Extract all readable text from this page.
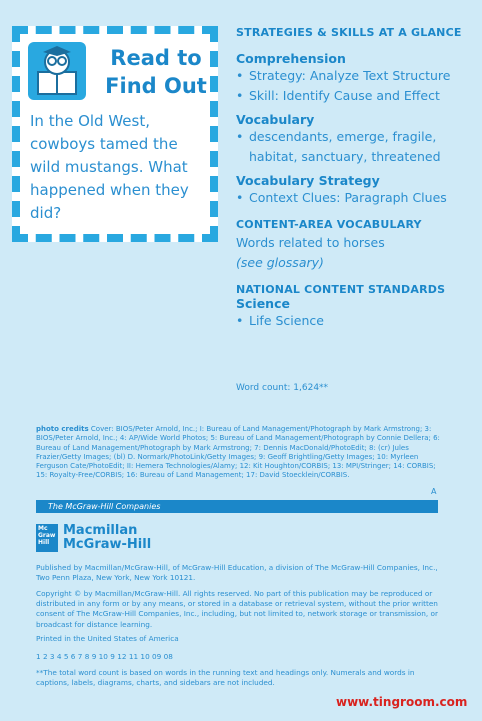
Read to
Find Out
In the Old West, cowboys tamed the wild mustangs. What happened when they did?

STRATEGIES & SKILLS AT A GLANCE

Comprehension

• Strategy: Analyze Text Structure
• Skill: Identify Cause and Effect

Vocabulary

• descendants, emerge, fragile,
habitat, sanctuary, threatened

Vocabulary Strategy

• Context Clues: Paragraph Clues

CONTENT-AREA VOCABULARY

Words related to horses
(see glossary)

NATIONAL CONTENT STANDARDS

Science

• Life Science
Word count: 1,624**
photo credits Cover: BIOS/Peter Arnold, Inc.; I: Bureau of Land Management/Photograph by Mark Armstrong; 3: BIOS/Peter Arnold, Inc.; 4: AP/Wide World Photos; 5: Bureau of Land Management/Photograph by Connie Dellera; 6: Bureau of Land Management/Photograph by Mark Armstrong; 7: Dennis MacDonald/PhotoEdit; 8: (cr) Jules Frazier/Getty Images; (bl) D. Normark/PhotoLink/Getty Images; 9: Geoff Brightling/Getty Images; 10: Myrleen Ferguson Cate/PhotoEdit; II: Hemera Technologies/Alamy; 12: Kit Houghton/CORBIS; 13: MPI/Stringer; 14: CORBIS; 15: Royalty-Free/CORBIS; 16: Bureau of Land Management; 17: David Stoecklein/CORBIS.
A
The McGraw-Hill Companies
Mc Graw Hill
Macmillan
McGraw-Hill
Published by Macmillan/McGraw-Hill, of McGraw-Hill Education, a division of The McGraw-Hill Companies, Inc., Two Penn Plaza, New York, New York 10121.
Copyright © by Macmillan/McGraw-Hill. All rights reserved. No part of this publication may be reproduced or distributed in any form or by any means, or stored in a database or retrieval system, without the prior written consent of The McGraw-Hill Companies, Inc., including, but not limited to, network storage or transmission, or broadcast for distance learning.
Printed in the United States of America
1 2 3 4 5 6 7 8 9 10 9 12 11 10 09 08
**The total word count is based on words in the running text and headings only. Numerals and words in captions, labels, diagrams, charts, and sidebars are not included.
www.tingroom.com
